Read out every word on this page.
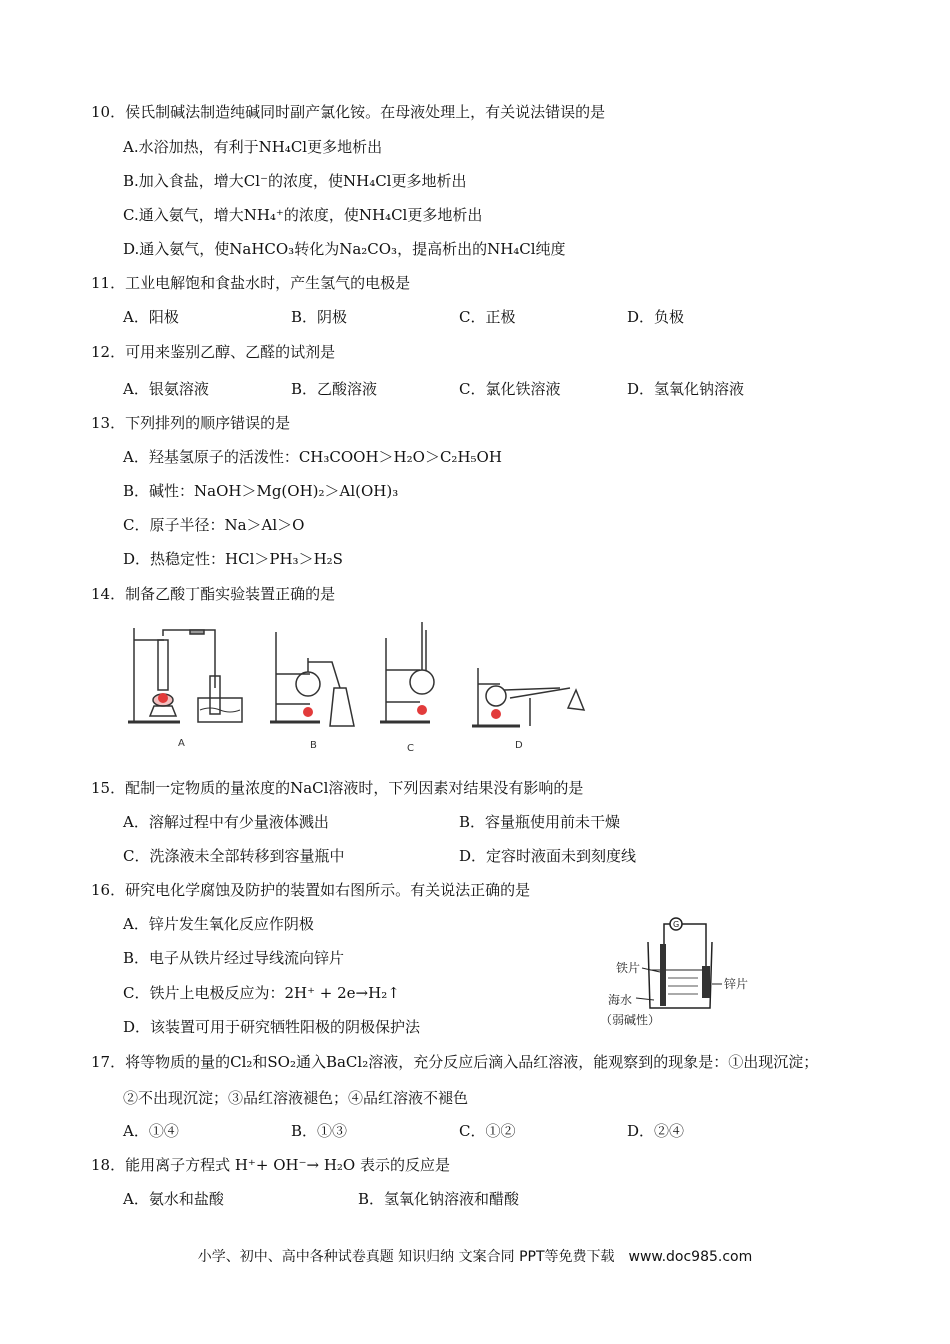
10．侯氏制碱法制造纯碱同时副产氯化铵。在母液处理上，有关说法错误的是
A.水浴加热，有利于NH₄Cl更多地析出
B.加入食盐，增大Cl⁻的浓度，使NH₄Cl更多地析出
C.通入氨气，增大NH₄⁺的浓度，使NH₄Cl更多地析出
D.通入氨气，使NaHCO₃转化为Na₂CO₃，提高析出的NH₄Cl纯度
11．工业电解饱和食盐水时，产生氢气的电极是
A．阳极	B．阴极	C．正极	D．负极
12．可用来鉴别乙醇、乙醛的试剂是
A．银氨溶液	B．乙酸溶液	C．氯化铁溶液	D．氢氧化钠溶液
13．下列排列的顺序错误的是
A．羟基氢原子的活泼性：CH₃COOH＞H₂O＞C₂H₅OH
B．碱性：NaOH＞Mg(OH)₂＞Al(OH)₃
C．原子半径：Na＞Al＞O
D．热稳定性：HCl＞PH₃＞H₂S
14．制备乙酸丁酯实验装置正确的是
A	B	C	D
15．配制一定物质的量浓度的NaCl溶液时，下列因素对结果没有影响的是
A．溶解过程中有少量液体溅出	B．容量瓶使用前未干燥
C．洗涤液未全部转移到容量瓶中	D．定容时液面未到刻度线
16．研究电化学腐蚀及防护的装置如右图所示。有关说法正确的是
A．锌片发生氧化反应作阴极
B．电子从铁片经过导线流向锌片
C．铁片上电极反应为：2H⁺ + 2e→H₂↑
D．该装置可用于研究牺牲阳极的阴极保护法
G
铁片
锌片
海水
（弱碱性）
17．将等物质的量的Cl₂和SO₂通入BaCl₂溶液，充分反应后滴入品红溶液，能观察到的现象是：①出现沉淀；
②不出现沉淀；③品红溶液褪色；④品红溶液不褪色
A．①④	B．①③	C．①②	D．②④
18．能用离子方程式 H⁺+ OH⁻→ H₂O 表示的反应是
A．氨水和盐酸	B．氢氧化钠溶液和醋酸
小学、初中、高中各种试卷真题 知识归纳 文案合同 PPT等免费下载　www.doc985.com
